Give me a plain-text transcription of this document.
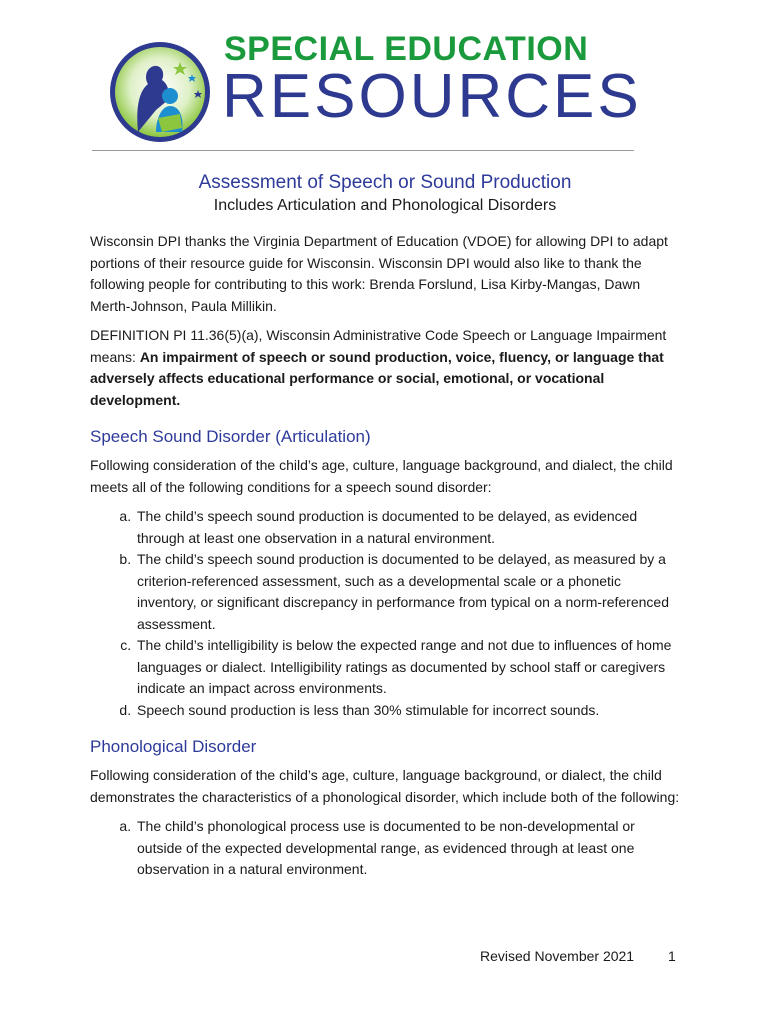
SPECIAL EDUCATION
RESOURCES
Assessment of Speech or Sound Production
Includes Articulation and Phonological Disorders

Wisconsin DPI thanks the Virginia Department of Education (VDOE) for allowing DPI to adapt portions of their resource guide for Wisconsin. Wisconsin DPI would also like to thank the following people for contributing to this work: Brenda Forslund, Lisa Kirby-Mangas, Dawn Merth-Johnson, Paula Millikin.

DEFINITION PI 11.36(5)(a), Wisconsin Administrative Code Speech or Language Impairment means: An impairment of speech or sound production, voice, fluency, or language that adversely affects educational performance or social, emotional, or vocational development.

Speech Sound Disorder (Articulation)

Following consideration of the child’s age, culture, language background, and dialect, the child meets all of the following conditions for a speech sound disorder:

a. The child’s speech sound production is documented to be delayed, as evidenced through at least one observation in a natural environment.
b. The child’s speech sound production is documented to be delayed, as measured by a criterion-referenced assessment, such as a developmental scale or a phonetic inventory, or significant discrepancy in performance from typical on a norm-referenced assessment.
c. The child’s intelligibility is below the expected range and not due to influences of home languages or dialect. Intelligibility ratings as documented by school staff or caregivers indicate an impact across environments.
d. Speech sound production is less than 30% stimulable for incorrect sounds.
Phonological Disorder

Following consideration of the child’s age, culture, language background, or dialect, the child demonstrates the characteristics of a phonological disorder, which include both of the following:

a. The child’s phonological process use is documented to be non-developmental or outside of the expected developmental range, as evidenced through at least one observation in a natural environment.
Revised November 2021 1
